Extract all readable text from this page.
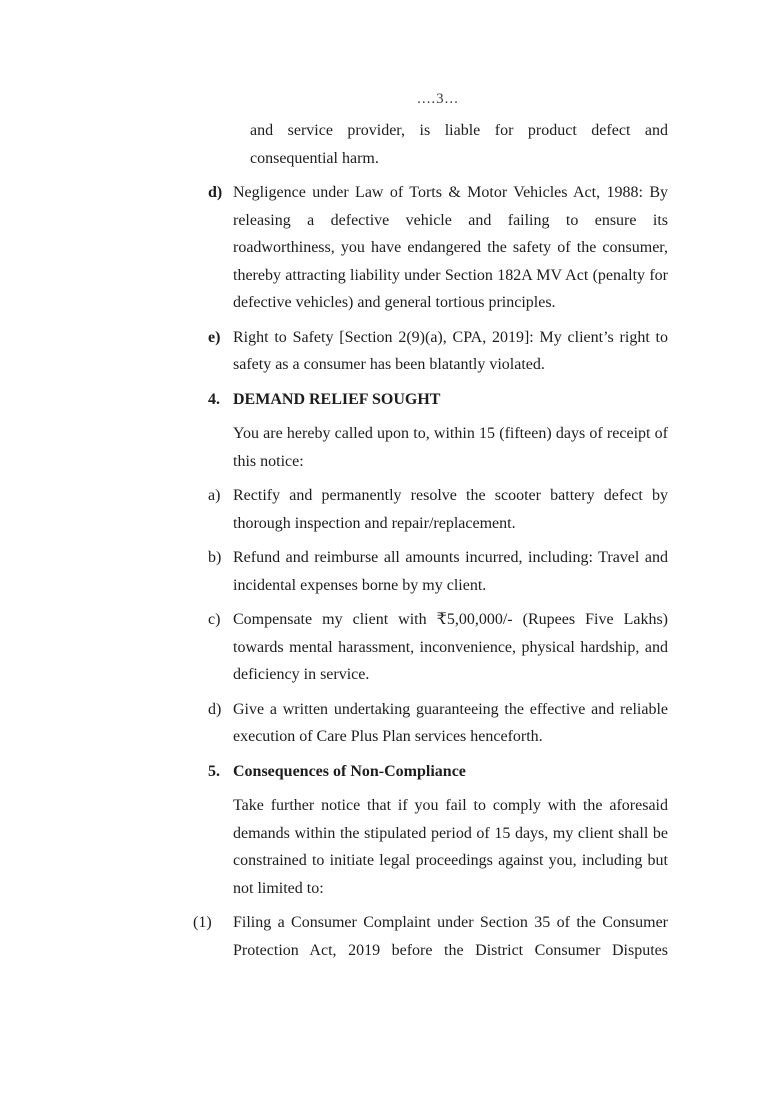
....3...
and service provider, is liable for product defect and consequential harm.
d) Negligence under Law of Torts & Motor Vehicles Act, 1988: By releasing a defective vehicle and failing to ensure its roadworthiness, you have endangered the safety of the consumer, thereby attracting liability under Section 182A MV Act (penalty for defective vehicles) and general tortious principles.
e) Right to Safety [Section 2(9)(a), CPA, 2019]: My client’s right to safety as a consumer has been blatantly violated.
4. DEMAND RELIEF SOUGHT
You are hereby called upon to, within 15 (fifteen) days of receipt of this notice:
a) Rectify and permanently resolve the scooter battery defect by thorough inspection and repair/replacement.
b) Refund and reimburse all amounts incurred, including: Travel and incidental expenses borne by my client.
c) Compensate my client with ₹5,00,000/- (Rupees Five Lakhs) towards mental harassment, inconvenience, physical hardship, and deficiency in service.
d) Give a written undertaking guaranteeing the effective and reliable execution of Care Plus Plan services henceforth.
5. Consequences of Non-Compliance
Take further notice that if you fail to comply with the aforesaid demands within the stipulated period of 15 days, my client shall be constrained to initiate legal proceedings against you, including but not limited to:
(1) Filing a Consumer Complaint under Section 35 of the Consumer Protection Act, 2019 before the District Consumer Disputes
